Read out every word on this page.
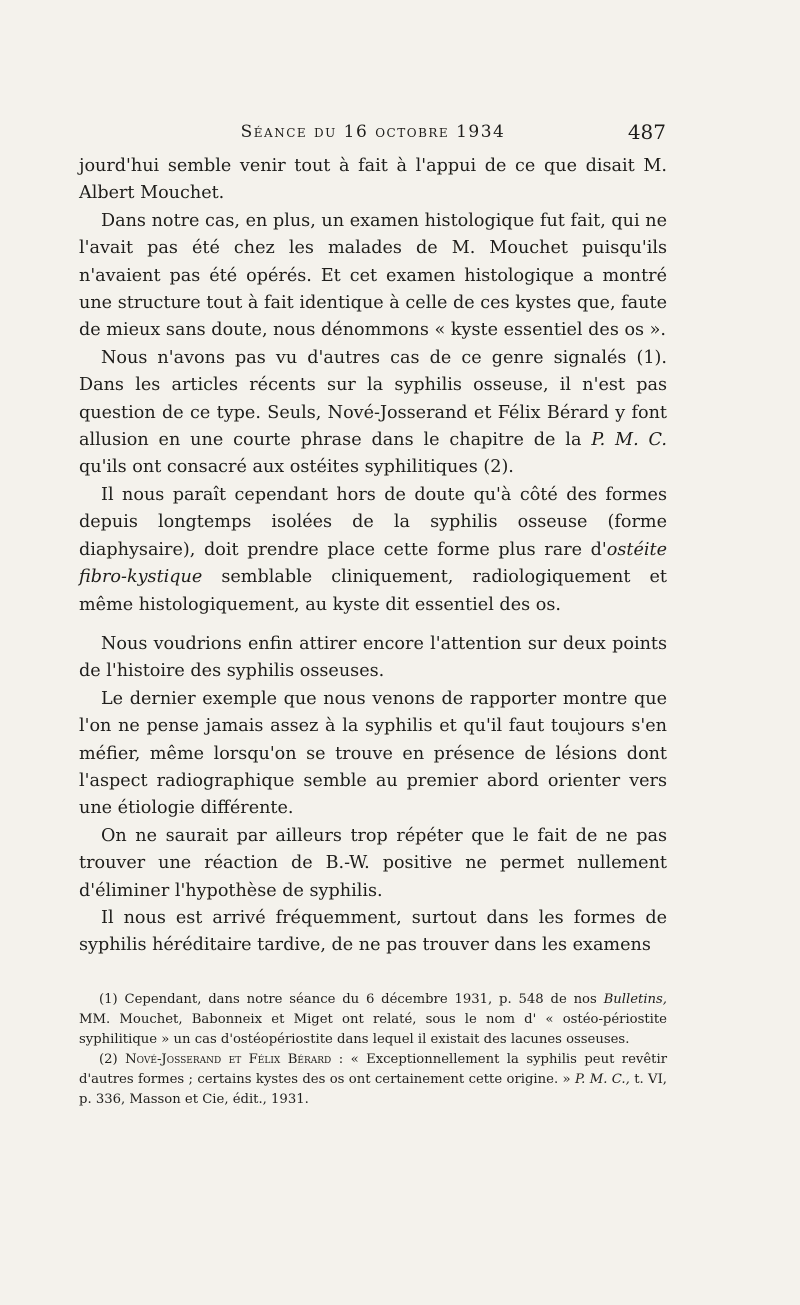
Séance du 16 octobre 1934	487

jourd'hui semble venir tout à fait à l'appui de ce que disait M. Albert Mouchet.

Dans notre cas, en plus, un examen histologique fut fait, qui ne l'avait pas été chez les malades de M. Mouchet puisqu'ils n'avaient pas été opérés. Et cet examen histologique a montré une structure tout à fait identique à celle de ces kystes que, faute de mieux sans doute, nous dénommons « kyste essentiel des os ».

Nous n'avons pas vu d'autres cas de ce genre signalés (1). Dans les articles récents sur la syphilis osseuse, il n'est pas question de ce type. Seuls, Nové-Josserand et Félix Bérard y font allusion en une courte phrase dans le chapitre de la P. M. C. qu'ils ont consacré aux ostéites syphilitiques (2).

Il nous paraît cependant hors de doute qu'à côté des formes depuis longtemps isolées de la syphilis osseuse (forme diaphysaire), doit prendre place cette forme plus rare d'ostéite fibro-kystique semblable cliniquement, radiologiquement et même histologiquement, au kyste dit essentiel des os.

Nous voudrions enfin attirer encore l'attention sur deux points de l'histoire des syphilis osseuses.

Le dernier exemple que nous venons de rapporter montre que l'on ne pense jamais assez à la syphilis et qu'il faut toujours s'en méfier, même lorsqu'on se trouve en présence de lésions dont l'aspect radiographique semble au premier abord orienter vers une étiologie différente.

On ne saurait par ailleurs trop répéter que le fait de ne pas trouver une réaction de B.-W. positive ne permet nullement d'éliminer l'hypothèse de syphilis.

Il nous est arrivé fréquemment, surtout dans les formes de syphilis héréditaire tardive, de ne pas trouver dans les examens

(1) Cependant, dans notre séance du 6 décembre 1931, p. 548 de nos Bulletins, MM. Mouchet, Babonneix et Miget ont relaté, sous le nom d' « ostéo-périostite syphilitique » un cas d'ostéopériostite dans lequel il existait des lacunes osseuses.

(2) Nové-Josserand et Félix Bérard : « Exceptionnellement la syphilis peut revêtir d'autres formes ; certains kystes des os ont certainement cette origine. » P. M. C., t. VI, p. 336, Masson et Cie, édit., 1931.
